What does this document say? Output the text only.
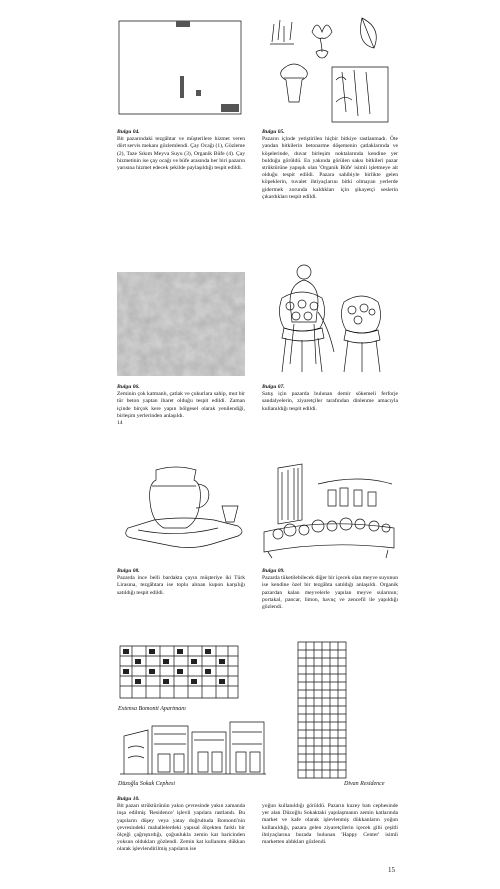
Bulgu 04.
Bit pazarındaki tezgâhtar ve müşterilere hizmet veren dört servis mekanı gözlemlendi. Çay Ocağı (1), Gözleme (2), Taze Sıkım Meyva Suyu (3), Organik Büfe (4). Çay hizmetinin ise çay ocağı ve büfe arasında her biri pazarın yarısına hizmet edecek şekilde paylaşıldığı tespit edildi.
Bulgu 05.
Pazarın içinde yetiştirilen hiçbir bitkiye rastlanmadı. Öte yandan bitkilerin betonarme döşemenin çatlaklarında ve köşelerinde, duvar birleşim noktalarında kendine yer bulduğu görüldü. En yakında görülen saksı bitkileri pazar strüktürüne yapışık olan 'Organik Büfe' isimli işletmeye ait olduğu tespit edildi. Pazara sahibiyle birlikte gelen köpeklerin, tuvalet ihtiyaçlarını bitki olmayan yerlerde gidermek zorunda kaldıkları için şikayetçi seslerin çıkardıkları tespit edildi.
Bulgu 06.
Zeminin çok katmanlı, çatlak ve çukurlara sahip, mut bir tür beton yaptan ibaret olduğu tespit edildi. Zaman içinde birçok kere yapın bölgesel olarak yenilendiği, birleşim yerlerinden anlaşıldı.
14
Bulgu 07.
Satış için pazarda bulunan demir sökemeli ferforje sandalyelerin, ziyaretçiler tarafından dinlenme amacıyla kullanıldığı tespit edildi.
Bulgu 08.
Pazarda ince belli bardakta çayın müşteriye iki Türk Lirasına, tezgâhtara ise toplu alınan kupon karşılığı satıldığı tespit edildi.
Bulgu 09.
Pazarda tüketilebilecek diğer bir içecek olan meyve suyunun ise kendine özel bir tezgâhta satıldığı anlaşıldı. Organik pazardan kalan meyvelerle yapılan meyve sularının; portakal, pancar, limon, havuç ve zencefil ile yapıldığı gözlendi.
Extensa Bomonti Apartmanı
Düzoğlu Sokak Cephesi	Divan Residence
Bulgu 10.
Bit pazarı strüktürünün yakın çevresinde yakın zamanda inşa edilmiş 'Residence' işlevli yapılara rastlandı. Bu yapıların düşey veya yatay doğrultuda Bomonti'nin çevresindeki mahallelerdeki yapısal ölçekten farklı bir ölçeği çağrıştırdığı, çoğunlukla zemin kat haricinden yoksun oldukları gözlendi. Zemin kat kullanımı dükkan olarak işlevlendirilmiş yapıların ise
yoğun kullanıldığı görüldü. Pazarın kuzey batı cephesinde yer alan Düzoğlu Sokaktaki yapılaşmanın zemin katlarında market ve kafe olarak işlevlenmiş dükkanların yoğun kullanıldığı, pazara gelen ziyaretçilerin içecek gibi çeşitli ihtiyaçlarına burada bulunan 'Happy Center' isimli marketten aldıkları gözlendi.
15
